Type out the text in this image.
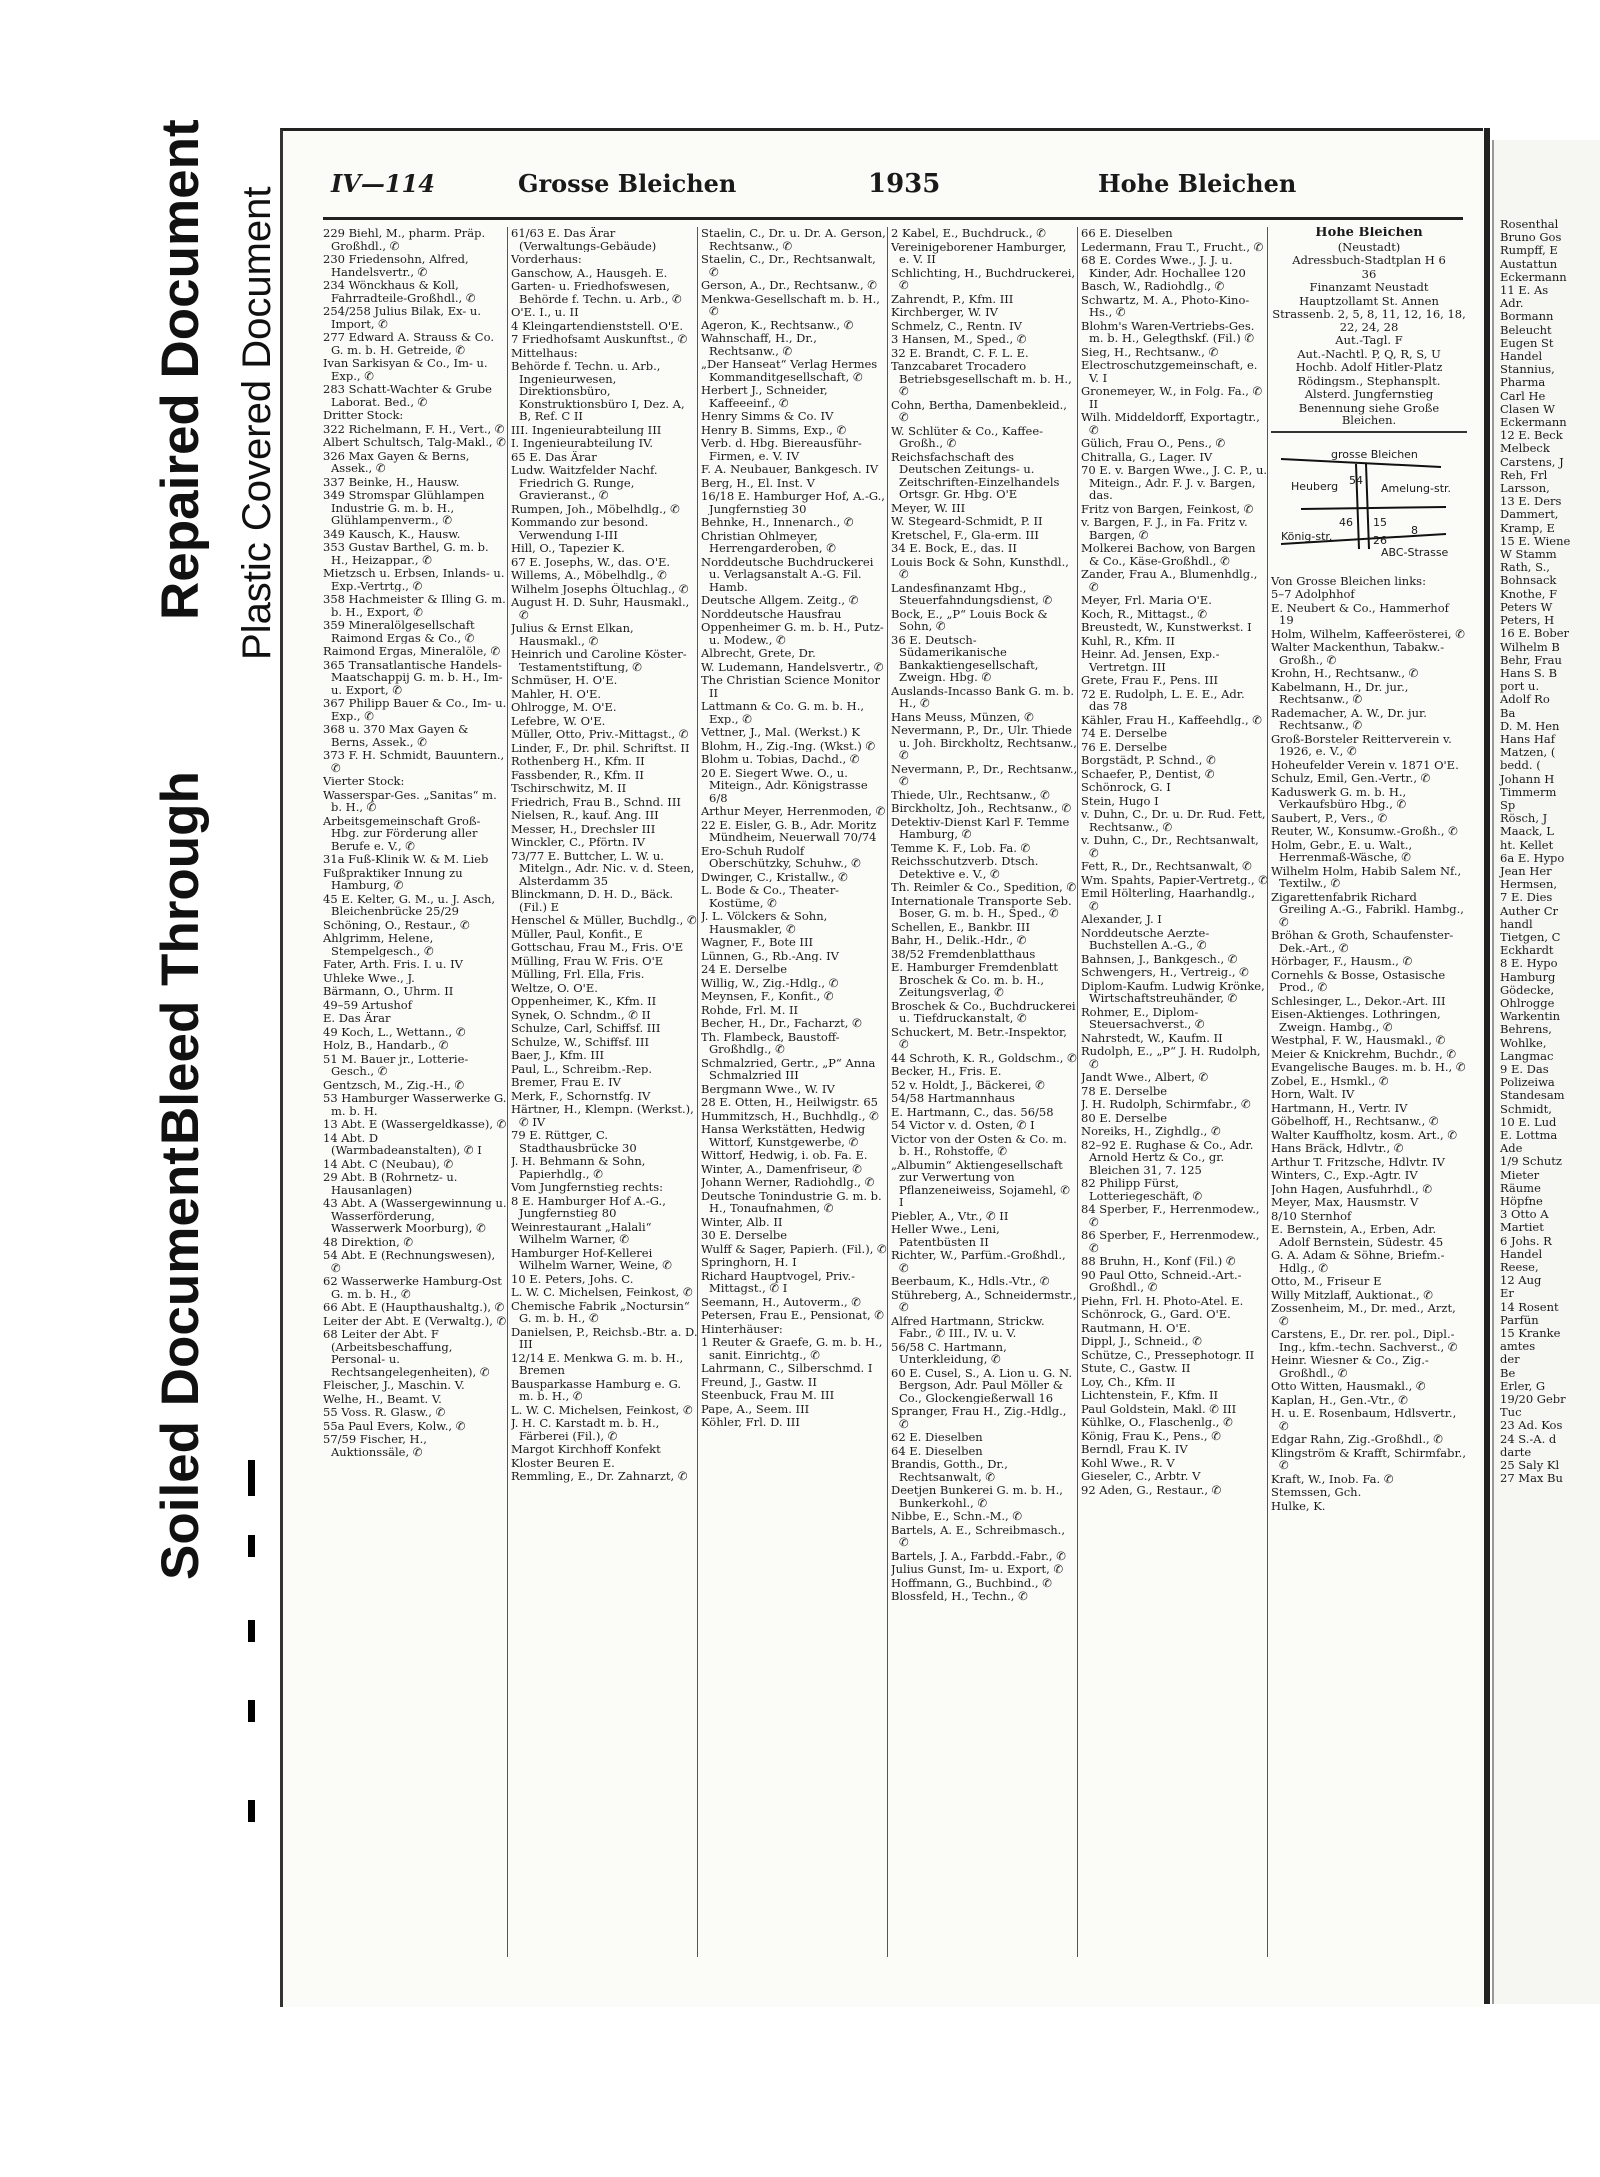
Soiled Document
Bleed Through
Repaired Document Plastic Covered Document
IV—114	Grosse Bleichen	1935	Hohe Bleichen
229 Biehl, M., pharm. Präp. Großhdl., ✆
230 Friedensohn, Alfred, Handelsvertr., ✆
234 Wönckhaus & Koll, Fahrradteile-Großhdl., ✆
254/258 Julius Bilak, Ex- u. Import, ✆
277 Edward A. Strauss & Co. G. m. b. H. Getreide, ✆
Ivan Sarkisyan & Co., Im- u. Exp., ✆
283 Schatt-Wachter & Grube Laborat. Bed., ✆
Dritter Stock:
322 Richelmann, F. H., Vert., ✆
Albert Schultsch, Talg-Makl., ✆
326 Max Gayen & Berns, Assek., ✆
337 Beinke, H., Hausw.
349 Stromspar Glühlampen Industrie G. m. b. H., Glühlampenverm., ✆
349 Kausch, K., Hausw.
353 Gustav Barthel, G. m. b. H., Heizappar., ✆
Mietzsch u. Erbsen, Inlands- u. Exp.-Vertrtg., ✆
358 Hachmeister & Illing G. m. b. H., Export, ✆
359 Mineralölgesellschaft Raimond Ergas & Co., ✆
Raimond Ergas, Mineralöle, ✆
365 Transatlantische Handels-Maatschappij G. m. b. H., Im- u. Export, ✆
367 Philipp Bauer & Co., Im- u. Exp., ✆
368 u. 370 Max Gayen & Berns, Assek., ✆
373 F. H. Schmidt, Bauuntern., ✆
Vierter Stock:
Wasserspar-Ges. „Sanitas“ m. b. H., ✆
Arbeitsgemeinschaft Groß-Hbg. zur Förderung aller Berufe e. V., ✆
31a Fuß-Klinik W. & M. Lieb
Fußpraktiker Innung zu Hamburg, ✆
45 E. Kelter, G. M., u. J. Asch, Bleichenbrücke 25/29
Schöning, O., Restaur., ✆
Ahlgrimm, Helene, Stempelgesch., ✆
Fater, Arth. Fris. I. u. IV
Uhleke Wwe., J.
Bärmann, O., Uhrm. II
49–59 Artushof
E. Das Ärar
49 Koch, L., Wettann., ✆
Holz, B., Handarb., ✆
51 M. Bauer jr., Lotterie-Gesch., ✆
Gentzsch, M., Zig.-H., ✆
53 Hamburger Wasserwerke G. m. b. H.
13 Abt. E (Wassergeldkasse), ✆
14 Abt. D (Warmbadeanstalten), ✆ I
14 Abt. C (Neubau), ✆
29 Abt. B (Rohrnetz- u. Hausanlagen)
43 Abt. A (Wassergewinnung u. Wasserförderung, Wasserwerk Moorburg), ✆
48 Direktion, ✆
54 Abt. E (Rechnungswesen), ✆
62 Wasserwerke Hamburg-Ost G. m. b. H., ✆
66 Abt. E (Haupthaushaltg.), ✆
Leiter der Abt. E (Verwaltg.), ✆
68 Leiter der Abt. F (Arbeitsbeschaffung, Personal- u. Rechtsangelegenheiten), ✆
Fleischer, J., Maschin. V.
Welhe, H., Beamt. V.
55 Voss. R. Glasw., ✆
55a Paul Evers, Kolw., ✆
57/59 Fischer, H., Auktionssäle, ✆
61/63 E. Das Ärar (Verwaltungs-Gebäude)
Vorderhaus:
Ganschow, A., Hausgeh. E.
Garten- u. Friedhofswesen, Behörde f. Techn. u. Arb., ✆
O'E. I., u. II
4 Kleingartendienststell. O'E.
7 Friedhofsamt Auskunftst., ✆
Mittelhaus:
Behörde f. Techn. u. Arb., Ingenieurwesen, Direktionsbüro, Konstruktionsbüro I, Dez. A, B, Ref. C II
III. Ingenieurabteilung III
I. Ingenieurabteilung IV.
65 E. Das Ärar
Ludw. Waitzfelder Nachf. Friedrich G. Runge, Gravieranst., ✆
Rumpen, Joh., Möbelhdlg., ✆
Kommando zur besond. Verwendung I-III
Hill, O., Tapezier K.
67 E. Josephs, W., das. O'E.
Willems, A., Möbelhdlg., ✆
Wilhelm Josephs Öltuchlag., ✆
August H. D. Suhr, Hausmakl., ✆
Julius & Ernst Elkan, Hausmakl., ✆
Heinrich und Caroline Köster-Testamentstiftung, ✆
Schmüser, H. O'E.
Mahler, H. O'E.
Ohlrogge, M. O'E.
Lefebre, W. O'E.
Müller, Otto, Priv.-Mittagst., ✆
Linder, F., Dr. phil. Schriftst. II
Rothenberg H., Kfm. II
Fassbender, R., Kfm. II
Tschirschwitz, M. II
Friedrich, Frau B., Schnd. III
Nielsen, R., kauf. Ang. III
Messer, H., Drechsler III
Winckler, C., Pförtn. IV
73/77 E. Buttcher, L. W. u. Mitelgn., Adr. Nic. v. d. Steen, Alsterdamm 35
Blinckmann, D. H. D., Bäck. (Fil.) E
Henschel & Müller, Buchdlg., ✆
Müller, Paul, Konfit., E
Gottschau, Frau M., Fris. O'E
Mülling, Frau W. Fris. O'E
Mülling, Frl. Ella, Fris.
Weltze, O. O'E.
Oppenheimer, K., Kfm. II
Synek, O. Schndm., ✆ II
Schulze, Carl, Schiffsf. III
Schulze, W., Schiffsf. III
Baer, J., Kfm. III
Paul, L., Schreibm.-Rep.
Bremer, Frau E. IV
Merk, F., Schornstfg. IV
Härtner, H., Klempn. (Werkst.), ✆ IV
79 E. Rüttger, C. Stadthausbrücke 30
J. H. Behmann & Sohn, Papierhdlg., ✆
Vom Jungfernstieg rechts:
8 E. Hamburger Hof A.-G., Jungfernstieg 80
Weinrestaurant „Halali“ Wilhelm Warner, ✆
Hamburger Hof-Kellerei Wilhelm Warner, Weine, ✆
10 E. Peters, Johs. C.
L. W. C. Michelsen, Feinkost, ✆
Chemische Fabrik „Noctursin“ G. m. b. H., ✆
Danielsen, P., Reichsb.-Btr. a. D. III
12/14 E. Menkwa G. m. b. H., Bremen
Bausparkasse Hamburg e. G. m. b. H., ✆
L. W. C. Michelsen, Feinkost, ✆
J. H. C. Karstadt m. b. H., Färberei (Fil.), ✆
Margot Kirchhoff Konfekt
Kloster Beuren E.
Remmling, E., Dr. Zahnarzt, ✆
Staelin, C., Dr. u. Dr. A. Gerson, Rechtsanw., ✆
Staelin, C., Dr., Rechtsanwalt, ✆
Gerson, A., Dr., Rechtsanw., ✆
Menkwa-Gesellschaft m. b. H., ✆
Ageron, K., Rechtsanw., ✆
Wahnschaff, H., Dr., Rechtsanw., ✆
„Der Hanseat“ Verlag Hermes Kommanditgesellschaft, ✆
Herbert J., Schneider, Kaffeeeinf., ✆
Henry Simms & Co. IV
Henry B. Simms, Exp., ✆
Verb. d. Hbg. Biereausführ-Firmen, e. V. IV
F. A. Neubauer, Bankgesch. IV
Berg, H., El. Inst. V
16/18 E. Hamburger Hof, A.-G., Jungfernstieg 30
Behnke, H., Innenarch., ✆
Christian Ohlmeyer, Herrengarderoben, ✆
Norddeutsche Buchdruckerei u. Verlagsanstalt A.-G. Fil. Hamb.
Deutsche Allgem. Zeitg., ✆
Norddeutsche Hausfrau
Oppenheimer G. m. b. H., Putz- u. Modew., ✆
Albrecht, Grete, Dr.
W. Ludemann, Handelsvertr., ✆
The Christian Science Monitor II
Lattmann & Co. G. m. b. H., Exp., ✆
Vettner, J., Mal. (Werkst.) K
Blohm, H., Zig.-Ing. (Wkst.) ✆
Blohm u. Tobias, Dachd., ✆
20 E. Siegert Wwe. O., u. Miteign., Adr. Königstrasse 6/8
Arthur Meyer, Herrenmoden, ✆
22 E. Eisler, G. B., Adr. Moritz Mündheim, Neuerwall 70/74
Ero-Schuh Rudolf Oberschützky, Schuhw., ✆
Dwinger, C., Kristallw., ✆
L. Bode & Co., Theater-Kostüme, ✆
J. L. Völckers & Sohn, Hausmakler, ✆
Wagner, F., Bote III
Lünnen, G., Rb.-Ang. IV
24 E. Derselbe
Willig, W., Zig.-Hdlg., ✆
Meynsen, F., Konfit., ✆
Rohde, Frl. M. II
Becher, H., Dr., Facharzt, ✆
Th. Flambeck, Baustoff-Großhdlg., ✆
Schmalzried, Gertr., „P“ Anna Schmalzried III
Bergmann Wwe., W. IV
28 E. Otten, H., Heilwigstr. 65
Hummitzsch, H., Buchhdlg., ✆
Hansa Werkstätten, Hedwig Wittorf, Kunstgewerbe, ✆
Wittorf, Hedwig, i. ob. Fa. E.
Winter, A., Damenfriseur, ✆
Johann Werner, Radiohdlg., ✆
Deutsche Tonindustrie G. m. b. H., Tonaufnahmen, ✆
Winter, Alb. II
30 E. Derselbe
Wulff & Sager, Papierh. (Fil.), ✆
Springhorn, H. I
Richard Hauptvogel, Priv.-Mittagst., ✆ I
Seemann, H., Autoverm., ✆
Petersen, Frau E., Pensionat, ✆
Hinterhäuser:
1 Reuter & Graefe, G. m. b. H., sanit. Einrichtg., ✆
Lahrmann, C., Silberschmd. I
Freund, J., Gastw. II
Steenbuck, Frau M. III
Pape, A., Seem. III
Köhler, Frl. D. III
2 Kabel, E., Buchdruck., ✆
Vereinigeborener Hamburger, e. V. II
Schlichting, H., Buchdruckerei, ✆
Zahrendt, P., Kfm. III
Kirchberger, W. IV
Schmelz, C., Rentn. IV
3 Hansen, M., Sped., ✆
32 E. Brandt, C. F. L. E.
Tanzcabaret Trocadero Betriebsgesellschaft m. b. H., ✆
Cohn, Bertha, Damenbekleid., ✆
W. Schlüter & Co., Kaffee-Großh., ✆
Reichsfachschaft des Deutschen Zeitungs- u. Zeitschriften-Einzelhandels Ortsgr. Gr. Hbg. O'E
Meyer, W. III
W. Stegeard-Schmidt, P. II
Kretschel, F., Gla-erm. III
34 E. Bock, E., das. II
Louis Bock & Sohn, Kunsthdl., ✆
Landesfinanzamt Hbg., Steuerfahndungsdienst, ✆
Bock, E., „P“ Louis Bock & Sohn, ✆
36 E. Deutsch-Südamerikanische Bankaktiengesellschaft, Zweign. Hbg. ✆
Auslands-Incasso Bank G. m. b. H., ✆
Hans Meuss, Münzen, ✆
Nevermann, P., Dr., Ulr. Thiede u. Joh. Birckholtz, Rechtsanw., ✆
Nevermann, P., Dr., Rechtsanw., ✆
Thiede, Ulr., Rechtsanw., ✆
Birckholtz, Joh., Rechtsanw., ✆
Detektiv-Dienst Karl F. Temme Hamburg, ✆
Temme K. F., Lob. Fa. ✆
Reichsschutzverb. Dtsch. Detektive e. V., ✆
Th. Reimler & Co., Spedition, ✆
Internationale Transporte Seb. Boser, G. m. b. H., Sped., ✆
Schellen, E., Bankbr. III
Bahr, H., Delik.-Hdr., ✆
38/52 Fremdenblatthaus
E. Hamburger Fremdenblatt Broschek & Co. m. b. H., Zeitungsverlag, ✆
Broschek & Co., Buchdruckerei u. Tiefdruckanstalt, ✆
Schuckert, M. Betr.-Inspektor, ✆
44 Schroth, K. R., Goldschm., ✆
Becker, H., Fris. E.
52 v. Holdt, J., Bäckerei, ✆
54/58 Hartmannhaus
E. Hartmann, C., das. 56/58
54 Victor v. d. Osten, ✆ I
Victor von der Osten & Co. m. b. H., Rohstoffe, ✆
„Albumin“ Aktiengesellschaft zur Verwertung von Pflanzeneiweiss, Sojamehl, ✆ I
Piebler, A., Vtr., ✆ II
Heller Wwe., Leni, Patentbüsten II
Richter, W., Parfüm.-Großhdl., ✆
Beerbaum, K., Hdls.-Vtr., ✆
Stühreberg, A., Schneidermstr., ✆
Alfred Hartmann, Strickw. Fabr., ✆ III., IV. u. V.
56/58 C. Hartmann, Unterkleidung, ✆
60 E. Cusel, S., A. Lion u. G. N. Bergson, Adr. Paul Möller & Co., Glockengießerwall 16
Spranger, Frau H., Zig.-Hdlg., ✆
62 E. Dieselben
64 E. Dieselben
Brandis, Gotth., Dr., Rechtsanwalt, ✆
Deetjen Bunkerei G. m. b. H., Bunkerkohl., ✆
Nibbe, E., Schn.-M., ✆
Bartels, A. E., Schreibmasch., ✆
Bartels, J. A., Farbdd.-Fabr., ✆
Julius Gunst, Im- u. Export, ✆
Hoffmann, G., Buchbind., ✆
Blossfeld, H., Techn., ✆
66 E. Dieselben
Ledermann, Frau T., Frucht., ✆
68 E. Cordes Wwe., J. J. u. Kinder, Adr. Hochallee 120
Basch, W., Radiohdlg., ✆
Schwartz, M. A., Photo-Kino-Hs., ✆
Blohm's Waren-Vertriebs-Ges. m. b. H., Gelegthskf. (Fil.) ✆
Sieg, H., Rechtsanw., ✆
Electroschutzgemeinschaft, e. V. I
Gronemeyer, W., in Folg. Fa., ✆ II
Wilh. Middeldorff, Exportagtr., ✆
Gülich, Frau O., Pens., ✆
Chitralla, G., Lager. IV
70 E. v. Bargen Wwe., J. C. P., u. Miteign., Adr. F. J. v. Bargen, das.
Fritz von Bargen, Feinkost, ✆
v. Bargen, F. J., in Fa. Fritz v. Bargen, ✆
Molkerei Bachow, von Bargen & Co., Käse-Großhdl., ✆
Zander, Frau A., Blumenhdlg., ✆
Meyer, Frl. Maria O'E.
Koch, R., Mittagst., ✆
Breustedt, W., Kunstwerkst. I
Kuhl, R., Kfm. II
Heinr. Ad. Jensen, Exp.-Vertretgn. III
Grete, Frau F., Pens. III
72 E. Rudolph, L. E. E., Adr. das 78
Kähler, Frau H., Kaffeehdlg., ✆
74 E. Derselbe
76 E. Derselbe
Borgstädt, P. Schnd., ✆
Schaefer, P., Dentist, ✆
Schönrock, G. I
Stein, Hugo I
v. Duhn, C., Dr. u. Dr. Rud. Fett, Rechtsanw., ✆
v. Duhn, C., Dr., Rechtsanwalt, ✆
Fett, R., Dr., Rechtsanwalt, ✆
Wm. Spahts, Papier-Vertretg., ✆
Emil Hölterling, Haarhandlg., ✆
Alexander, J. I
Norddeutsche Aerzte-Buchstellen A.-G., ✆
Bahnsen, J., Bankgesch., ✆
Schwengers, H., Vertreig., ✆
Diplom-Kaufm. Ludwig Krönke, Wirtschaftstreuhänder, ✆
Rohmer, E., Diplom-Steuersachverst., ✆
Nahrstedt, W., Kaufm. II
Rudolph, E., „P“ J. H. Rudolph, ✆
Jandt Wwe., Albert, ✆
78 E. Derselbe
J. H. Rudolph, Schirmfabr., ✆
80 E. Derselbe
Noreiks, H., Zighdlg., ✆
82–92 E. Rughase & Co., Adr. Arnold Hertz & Co., gr. Bleichen 31, 7. 125
82 Philipp Fürst, Lotteriegeschäft, ✆
84 Sperber, F., Herrenmodew., ✆
86 Sperber, F., Herrenmodew., ✆
88 Bruhn, H., Konf (Fil.) ✆
90 Paul Otto, Schneid.-Art.-Großhdl., ✆
Piehn, Frl. H. Photo-Atel. E.
Schönrock, G., Gard. O'E.
Rautmann, H. O'E.
Dippl, J., Schneid., ✆
Schütze, C., Pressephotogr. II
Stute, C., Gastw. II
Loy, Ch., Kfm. II
Lichtenstein, F., Kfm. II
Paul Goldstein, Makl. ✆ III
Kühlke, O., Flaschenlg., ✆
König, Frau K., Pens., ✆
Berndl, Frau K. IV
Kohl Wwe., R. V
Gieseler, C., Arbtr. V
92 Aden, G., Restaur., ✆
Hohe Bleichen
(Neustadt)
Adressbuch-Stadtplan H 6
36
Finanzamt Neustadt
Hauptzollamt St. Annen
Strassenb. 2, 5, 8, 11, 12, 16, 18, 22, 24, 28
Aut.-Tagl. F
Aut.-Nachtl. P, Q, R, S, U
Hochb. Adolf Hitler-Platz
Rödingsm., Stephansplt.
Alsterd. Jungfernstieg
Benennung siehe Große Bleichen.
grosse Bleichen
Heuberg	Amelung-str.
König-str.
ABC-Strasse
54
46 15
26
8
Von Grosse Bleichen links:
5–7 Adolphhof
E. Neubert & Co., Hammerhof 19
Holm, Wilhelm, Kaffeerösterei, ✆
Walter Mackenthun, Tabakw.-Großh., ✆
Krohn, H., Rechtsanw., ✆
Kabelmann, H., Dr. jur., Rechtsanw., ✆
Rademacher, A. W., Dr. jur. Rechtsanw., ✆
Groß-Borsteler Reitterverein v. 1926, e. V., ✆
Hoheufelder Verein v. 1871 O'E.
Schulz, Emil, Gen.-Vertr., ✆
Kaduswerk G. m. b. H., Verkaufsbüro Hbg., ✆
Saubert, P., Vers., ✆
Reuter, W., Konsumw.-Großh., ✆
Holm, Gebr., E. u. Walt., Herrenmaß-Wäsche, ✆
Wilhelm Holm, Habib Salem Nf., Textilw., ✆
Zigarettenfabrik Richard Greiling A.-G., Fabrikl. Hambg., ✆
Bröhan & Groth, Schaufenster-Dek.-Art., ✆
Hörbager, F., Hausm., ✆
Cornehls & Bosse, Ostasische Prod., ✆
Schlesinger, L., Dekor.-Art. III
Eisen-Aktienges. Lothringen, Zweign. Hambg., ✆
Westphal, F. W., Hausmakl., ✆
Meier & Knickrehm, Buchdr., ✆
Evangelische Bauges. m. b. H., ✆
Zobel, E., Hsmkl., ✆
Horn, Walt. IV
Hartmann, H., Vertr. IV
Göbelhoff, H., Rechtsanw., ✆
Walter Kauffholtz, kosm. Art., ✆
Hans Bräck, Hdlvtr., ✆
Arthur T. Fritzsche, Hdlvtr. IV
Winters, C., Exp.-Agtr. IV
John Hagen, Ausfuhrhdl., ✆
Meyer, Max, Hausmstr. V
8/10 Sternhof
E. Bernstein, A., Erben, Adr. Adolf Bernstein, Südestr. 45
G. A. Adam & Söhne, Briefm.-Hdlg., ✆
Otto, M., Friseur E
Willy Mitzlaff, Auktionat., ✆
Zossenheim, M., Dr. med., Arzt, ✆
Carstens, E., Dr. rer. pol., Dipl.-Ing., kfm.-techn. Sachverst., ✆
Heinr. Wiesner & Co., Zig.-Großhdl., ✆
Otto Witten, Hausmakl., ✆
Kaplan, H., Gen.-Vtr., ✆
H. u. E. Rosenbaum, Hdlsvertr., ✆
Edgar Rahn, Zig.-Großhdl., ✆
Klingström & Krafft, Schirmfabr., ✆
Kraft, W., Inob. Fa. ✆
Stemssen, Gch.
Hulke, K.
Rosenthal
Bruno Gos
Rumpff, E
Austattun
Eckermann
11 E. As
Adr.
Bormann
Beleucht
Eugen St
Handel
Stannius,
Pharma
Carl He
Clasen W
Eckermann
12 E. Beck
Melbeck
Carstens, J
Reh, Frl
Larsson,
13 E. Ders
Dammert,
Kramp, E
15 E. Wiene
W Stamm
Rath, S.,
Bohnsack
Knothe, F
Peters W
Peters, H
16 E. Bober
Wilhelm B
Behr, Frau
Hans S. B
port u.
Adolf Ro
Ba
D. M. Hen
Hans Haf
Matzen, (
bedd. (
Johann H
Timmerm
Sp
Rösch, J
Maack, L
ht. Kellet
6a E. Hypo
Jean Her
Hermsen,
7 E. Dies
Auther Cr
handl
Tietgen, C
Eckhardt
8 E. Hypo
Hamburg
Gödecke,
Ohlrogge
Warkentin
Behrens,
Wohlke,
Langmac
9 E. Das
Polizeiwa
Standesam
Schmidt,
10 E. Lud
E. Lottma
Ade
1/9 Schutz
Mieter
Räume
Höpfne
3 Otto A
Martiet
6 Johs. R
Handel
Reese,
12 Aug
Er
14 Rosent
Parfün
15 Kranke
amtes
der
Be
Erler, G
19/20 Gebr
Tuc
23 Ad. Kos
24 S.-A. d
darte
25 Saly Kl
27 Max Bu
